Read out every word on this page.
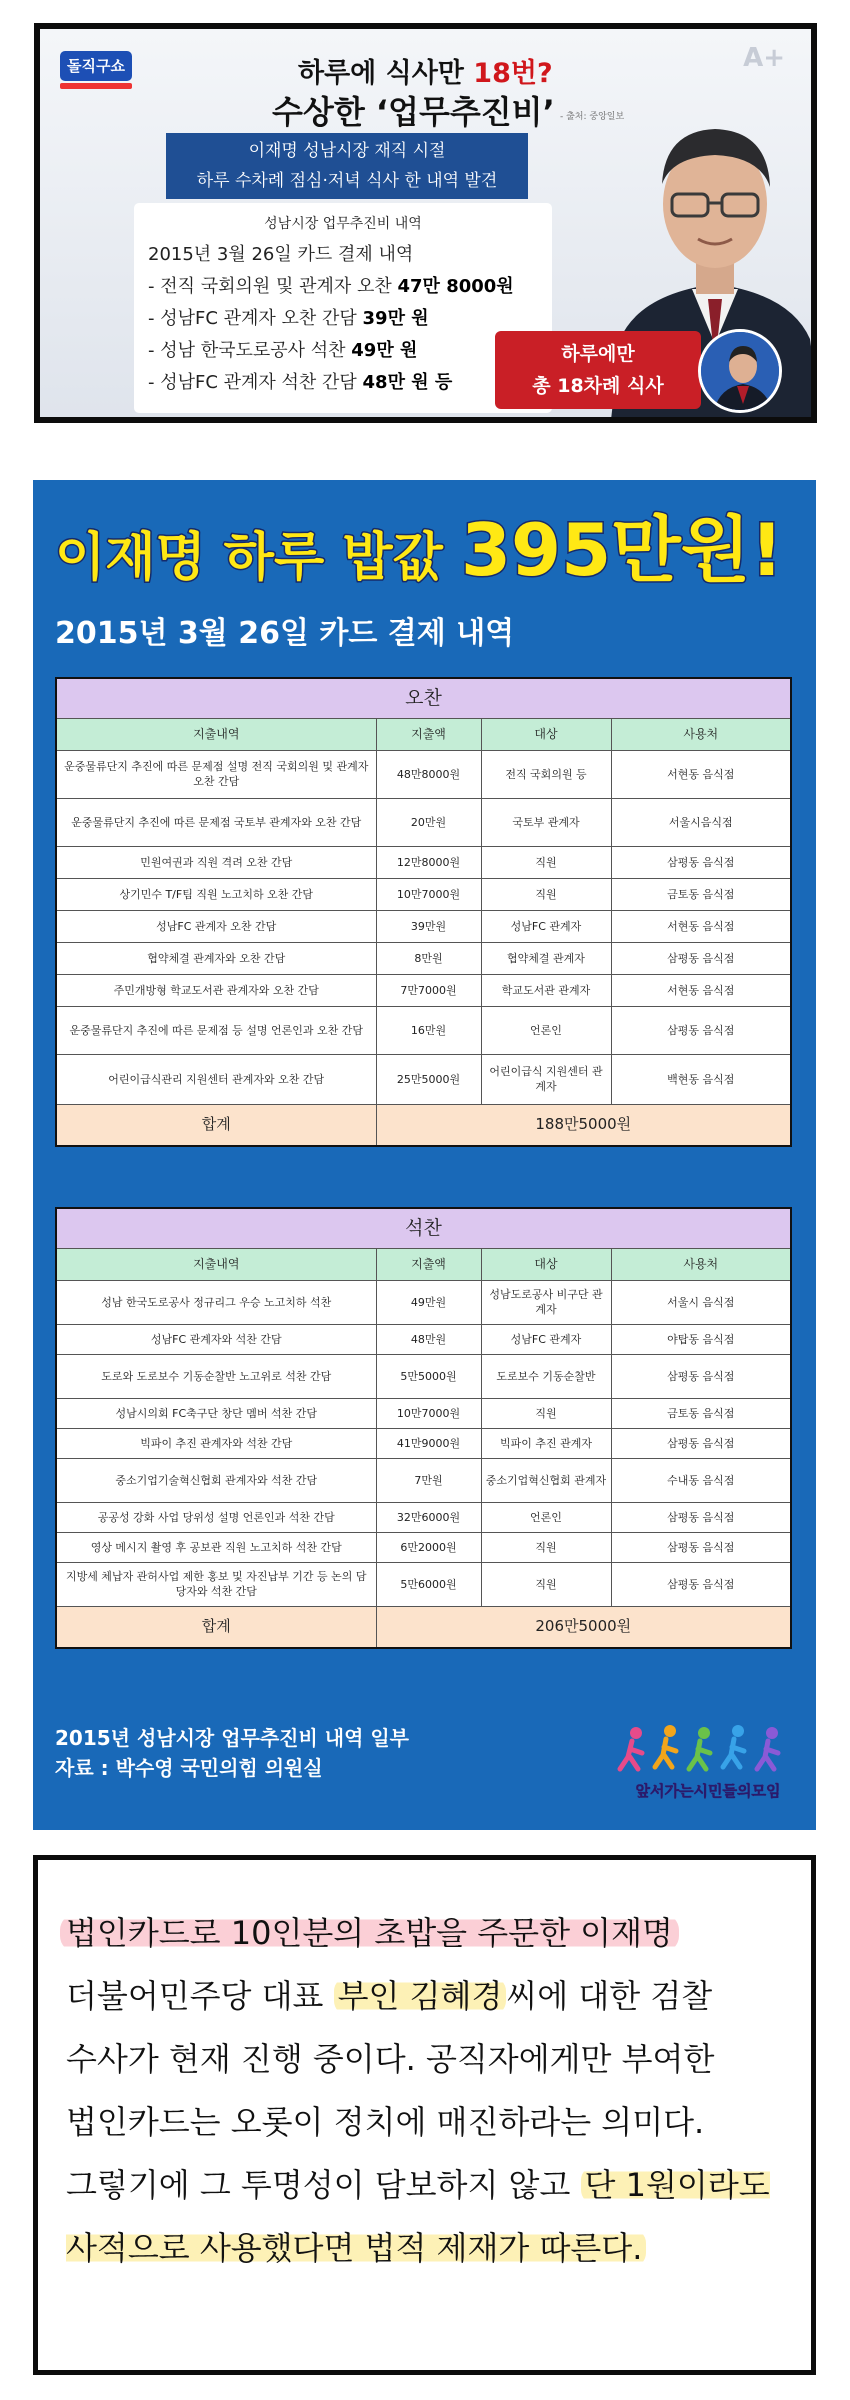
돌직구쇼	하루에 식사만 18번?
수상한 ‘업무추진비’ - 출처: 중앙일보
A+
이재명 성남시장 재직 시절
하루 수차례 점심·저녁 식사 한 내역 발견
성남시장 업무추진비 내역
2015년 3월 26일 카드 결제 내역
- 전직 국회의원 및 관계자 오찬 47만 8000원
- 성남FC 관계자 오찬 간담 39만 원
- 성남 한국도로공사 석찬 49만 원
- 성남FC 관계자 석찬 간담 48만 원 등
하루에만
총 18차례 식사
이재명 하루 밥값 395만원!
2015년 3월 26일 카드 결제 내역
오찬			
지출내역	지출액	대상	사용처
운중물류단지 추진에 따른 문제점 설명 전직 국회의원 및 관계자 오찬 간담	48만8000원	전직 국회의원 등	서현동 음식점
운중물류단지 추진에 따른 문제점 국토부 관계자와 오찬 간담	20만원	국토부 관계자	서울시음식점
민원여권과 직원 격려 오찬 간담	12만8000원	직원	삼평동 음식점
상기민수 T/F팀 직원 노고치하 오찬 간담	10만7000원	직원	금토동 음식점
성남FC 관계자 오찬 간담	39만원	성남FC 관계자	서현동 음식점
협약체결 관계자와 오찬 간담	8만원	협약체결 관계자	삼평동 음식점
주민개방형 학교도서관 관계자와 오찬 간담	7만7000원	학교도서관 관계자	서현동 음식점
운중물류단지 추진에 따른 문제점 등 설명 언론인과 오찬 간담	16만원	언론인	삼평동 음식점
어린이급식관리 지원센터 관계자와 오찬 간담	25만5000원	어린이급식 지원센터 관계자	백현동 음식점
합계	188만5000원		
석찬			
지출내역	지출액	대상	사용처
성남 한국도로공사 정규리그 우승 노고치하 석찬	49만원	성남도로공사 비구단 관계자	서울시 음식점
성남FC 관계자와 석찬 간담	48만원	성남FC 관계자	야탑동 음식점
도로와 도로보수 기동순찰반 노고위로 석찬 간담	5만5000원	도로보수 기동순찰반	삼평동 음식점
성남시의회 FC축구단 창단 멤버 석찬 간담	10만7000원	직원	금토동 음식점
빅파이 추진 관계자와 석찬 간담	41만9000원	빅파이 추진 관계자	삼평동 음식점
중소기업기술혁신협회 관계자와 석찬 간담	7만원	중소기업혁신협회 관계자	수내동 음식점
공공성 강화 사업 당위성 설명 언론인과 석찬 간담	32만6000원	언론인	삼평동 음식점
영상 메시지 촬영 후 공보관 직원 노고치하 석찬 간담	6만2000원	직원	삼평동 음식점
지방세 체납자 관허사업 제한 홍보 및 자진납부 기간 등 논의 담당자와 석찬 간담	5만6000원	직원	삼평동 음식점
합계	206만5000원		
2015년 성남시장 업무추진비 내역 일부
자료 : 박수영 국민의힘 의원실
앞서가는시민들의모임

법인카드로 10인분의 초밥을 주문한 이재명 더불어민주당 대표 부인 김혜경 씨에 대한 검찰 수사가 현재 진행 중이다. 공직자에게만 부여한 법인카드는 오롯이 정치에 매진하라는 의미다. 그렇기에 그 투명성이 담보하지 않고 단 1원이라도 사적으로 사용했다면 법적 제재가 따른다.
